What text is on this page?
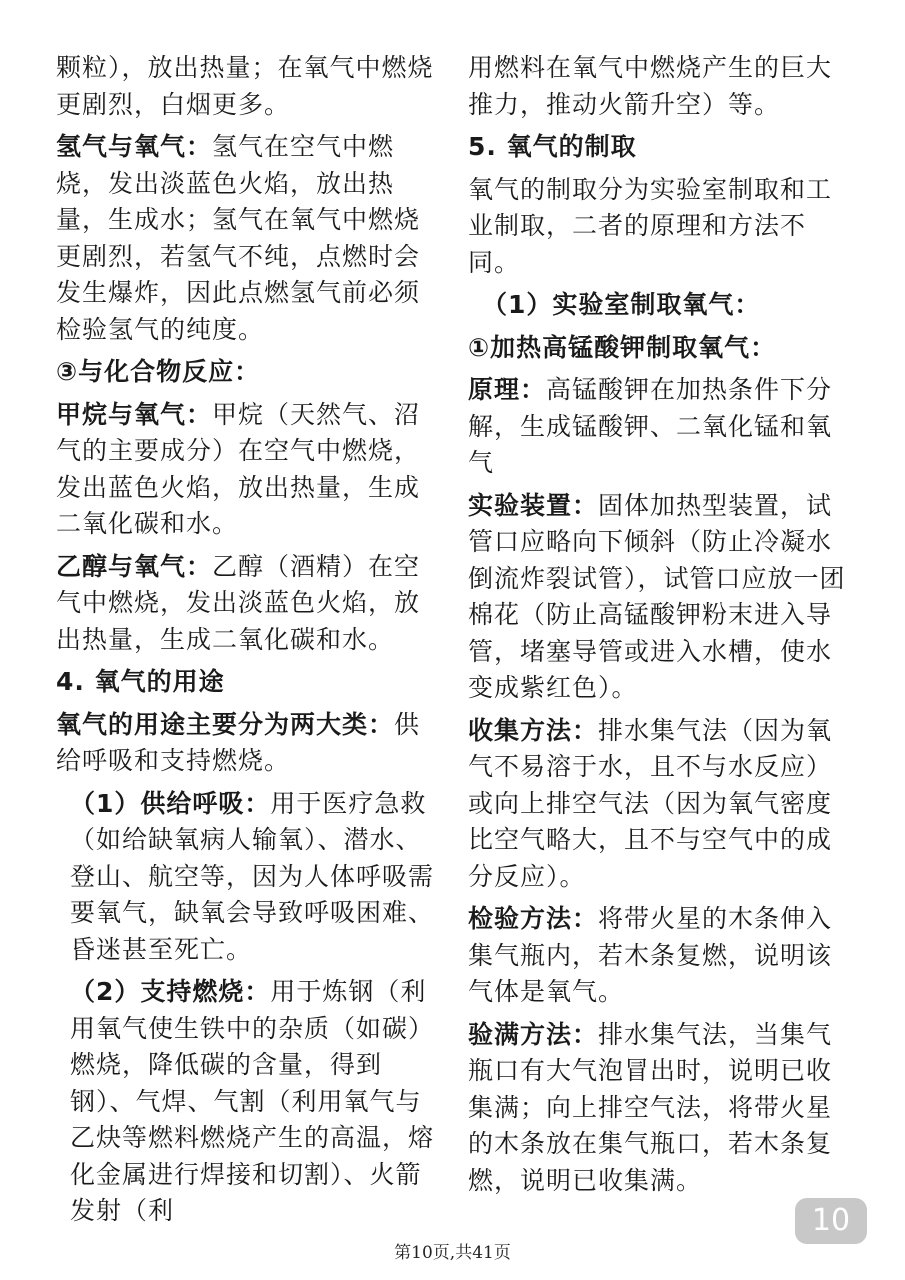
颗粒），放出热量；在氧气中燃烧更剧烈，白烟更多。

氢气与氧气：氢气在空气中燃烧，发出淡蓝色火焰，放出热量，生成水；氢气在氧气中燃烧更剧烈，若氢气不纯，点燃时会发生爆炸，因此点燃氢气前必须检验氢气的纯度。

③与化合物反应：

甲烷与氧气：甲烷（天然气、沼气的主要成分）在空气中燃烧，发出蓝色火焰，放出热量，生成二氧化碳和水。

乙醇与氧气：乙醇（酒精）在空气中燃烧，发出淡蓝色火焰，放出热量，生成二氧化碳和水。

4. 氧气的用途

氧气的用途主要分为两大类：供给呼吸和支持燃烧。

（1）供给呼吸：用于医疗急救（如给缺氧病人输氧）、潜水、登山、航空等，因为人体呼吸需要氧气，缺氧会导致呼吸困难、昏迷甚至死亡。

（2）支持燃烧：用于炼钢（利用氧气使生铁中的杂质（如碳）燃烧，降低碳的含量，得到钢）、气焊、气割（利用氧气与乙炔等燃料燃烧产生的高温，熔化金属进行焊接和切割）、火箭发射（利

用燃料在氧气中燃烧产生的巨大推力，推动火箭升空）等。

5. 氧气的制取

氧气的制取分为实验室制取和工业制取，二者的原理和方法不同。

（1）实验室制取氧气：

①加热高锰酸钾制取氧气：

原理：高锰酸钾在加热条件下分解，生成锰酸钾、二氧化锰和氧气

实验装置：固体加热型装置，试管口应略向下倾斜（防止冷凝水倒流炸裂试管），试管口应放一团棉花（防止高锰酸钾粉末进入导管，堵塞导管或进入水槽，使水变成紫红色）。

收集方法：排水集气法（因为氧气不易溶于水，且不与水反应）或向上排空气法（因为氧气密度比空气略大，且不与空气中的成分反应）。

检验方法：将带火星的木条伸入集气瓶内，若木条复燃，说明该气体是氧气。

验满方法：排水集气法，当集气瓶口有大气泡冒出时，说明已收集满；向上排空气法，将带火星的木条放在集气瓶口，若木条复燃，说明已收集满。

10
第10页,共41页
